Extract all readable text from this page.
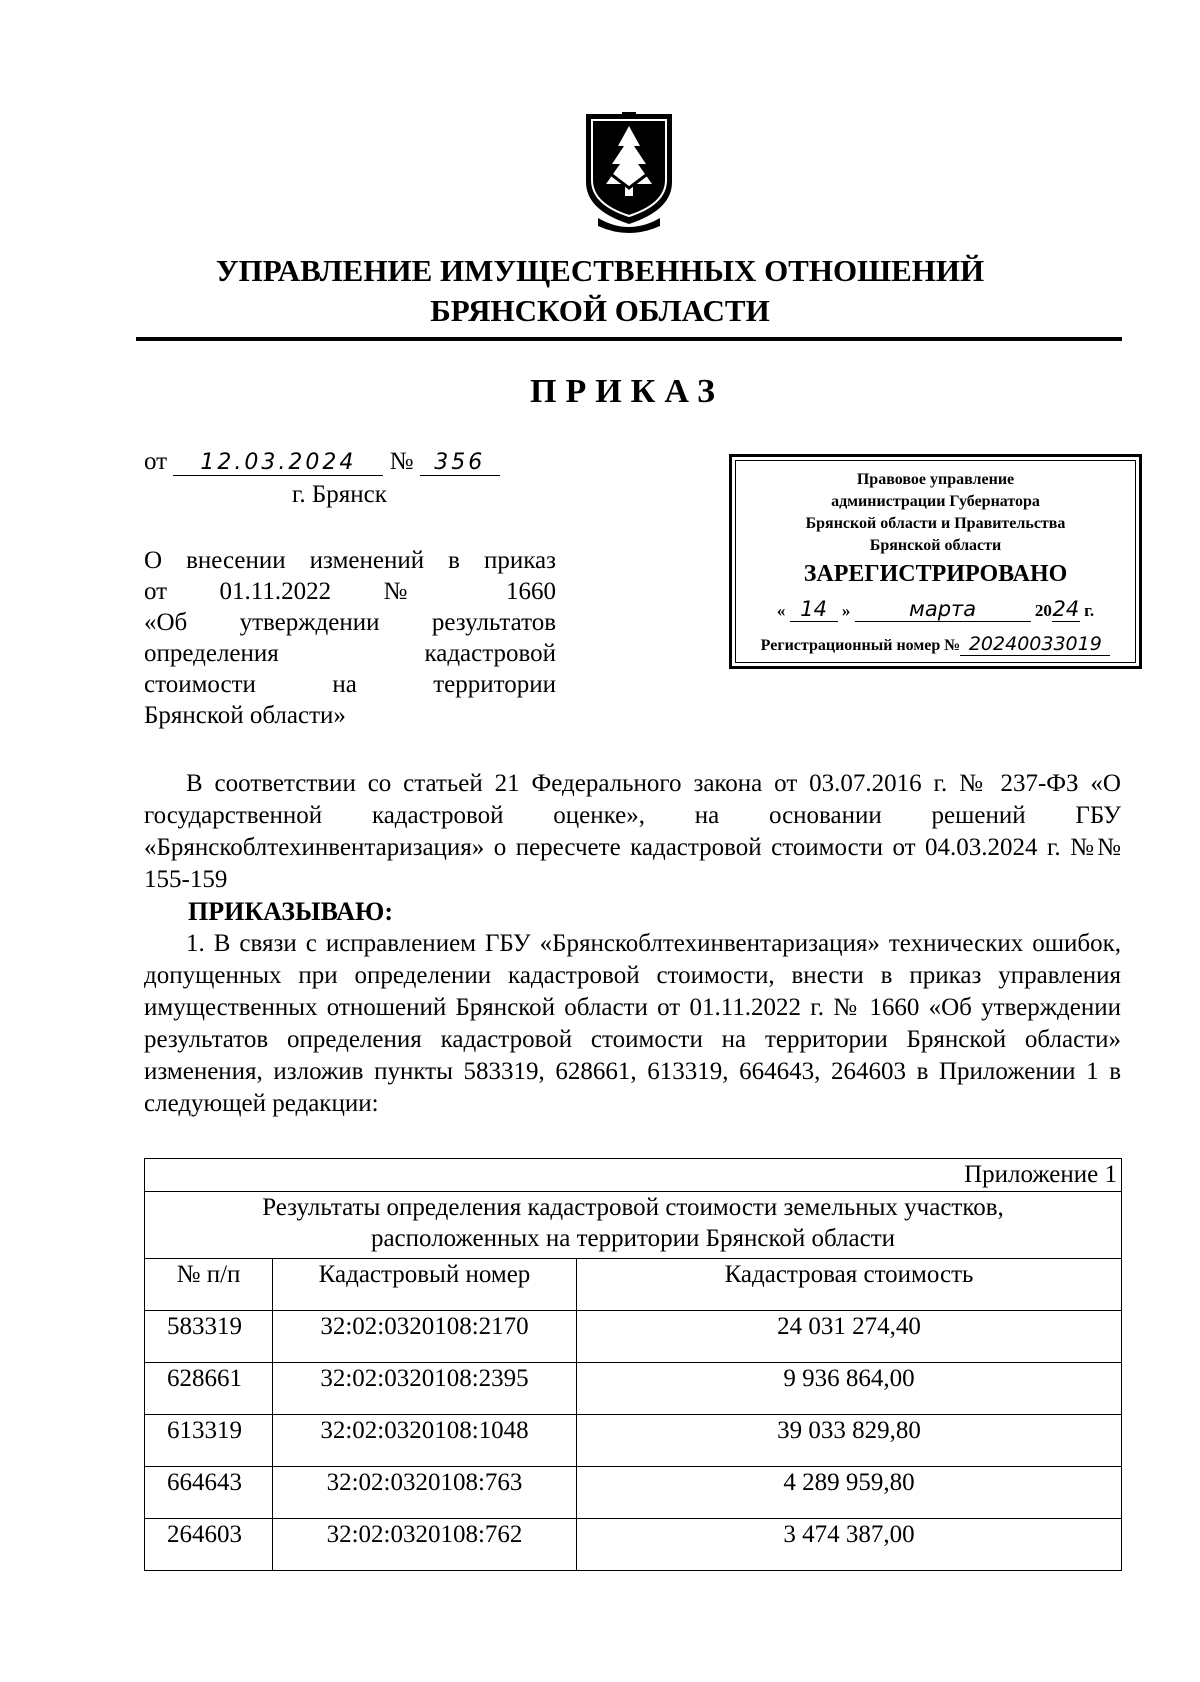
УПРАВЛЕНИЕ ИМУЩЕСТВЕННЫХ ОТНОШЕНИЙ
БРЯНСКОЙ ОБЛАСТИ
ПРИКАЗ
от 12.03.2024 № 356
г. Брянск
О внесении изменений в приказ
от 01.11.2022 № 1660
«Об утверждении результатов
определения кадастровой
стоимости на территории
Брянской области»
Правовое управление
администрации Губернатора
Брянской области и Правительства
Брянской области
ЗАРЕГИСТРИРОВАНО
« 14 »	марта	2024 г.
Регистрационный номер № 20240033019

В соответствии со статьей 21 Федерального закона от 03.07.2016 г. № 237-ФЗ «О государственной кадастровой оценке», на основании решений ГБУ «Брянскоблтехинвентаризация» о пересчете кадастровой стоимости от 04.03.2024 г. №№ 155-159

ПРИКАЗЫВАЮ:

1. В связи с исправлением ГБУ «Брянскоблтехинвентаризация» технических ошибок, допущенных при определении кадастровой стоимости, внести в приказ управления имущественных отношений Брянской области от 01.11.2022 г. № 1660 «Об утверждении результатов определения кадастровой стоимости на территории Брянской области» изменения, изложив пункты 583319, 628661, 613319, 664643, 264603 в Приложении 1 в следующей редакции:

Приложение 1		

Результаты определения кадастровой стоимости земельных участков,
расположенных на территории Брянской области		

№ п/п	Кадастровый номер	Кадастровая стоимость
583319	32:02:0320108:2170	24 031 274,40
628661	32:02:0320108:2395	9 936 864,00
613319	32:02:0320108:1048	39 033 829,80
664643	32:02:0320108:763	4 289 959,80
264603	32:02:0320108:762	3 474 387,00
